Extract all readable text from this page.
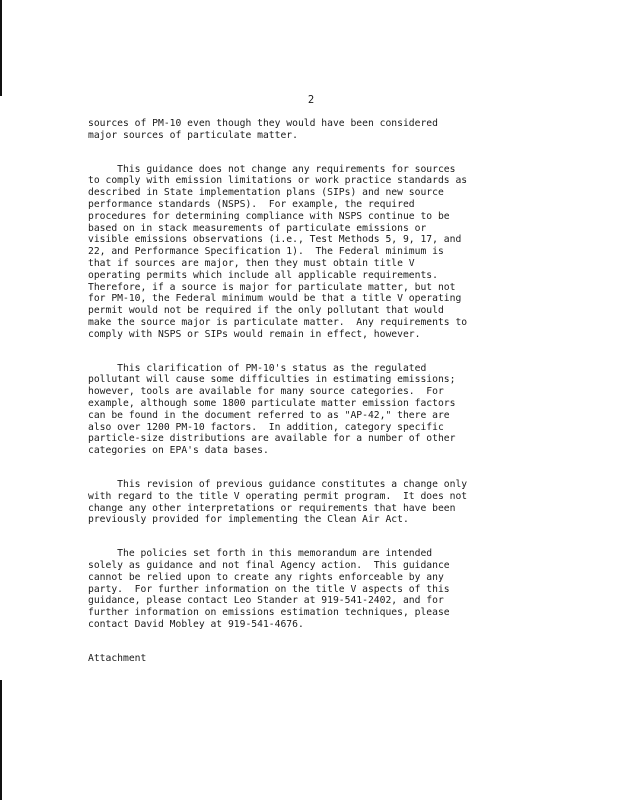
2
sources of PM-10 even though they would have been considered
major sources of particulate matter.
This guidance does not change any requirements for sources
to comply with emission limitations or work practice standards as
described in State implementation plans (SIPs) and new source
performance standards (NSPS).  For example, the required
procedures for determining compliance with NSPS continue to be
based on in stack measurements of particulate emissions or
visible emissions observations (i.e., Test Methods 5, 9, 17, and
22, and Performance Specification 1).  The Federal minimum is
that if sources are major, then they must obtain title V
operating permits which include all applicable requirements.
Therefore, if a source is major for particulate matter, but not
for PM-10, the Federal minimum would be that a title V operating
permit would not be required if the only pollutant that would
make the source major is particulate matter.  Any requirements to
comply with NSPS or SIPs would remain in effect, however.
This clarification of PM-10's status as the regulated
pollutant will cause some difficulties in estimating emissions;
however, tools are available for many source categories.  For
example, although some 1800 particulate matter emission factors
can be found in the document referred to as "AP-42," there are
also over 1200 PM-10 factors.  In addition, category specific
particle-size distributions are available for a number of other
categories on EPA's data bases.
This revision of previous guidance constitutes a change only
with regard to the title V operating permit program.  It does not
change any other interpretations or requirements that have been
previously provided for implementing the Clean Air Act.
The policies set forth in this memorandum are intended
solely as guidance and not final Agency action.  This guidance
cannot be relied upon to create any rights enforceable by any
party.  For further information on the title V aspects of this
guidance, please contact Leo Stander at 919-541-2402, and for
further information on emissions estimation techniques, please
contact David Mobley at 919-541-4676.
Attachment
